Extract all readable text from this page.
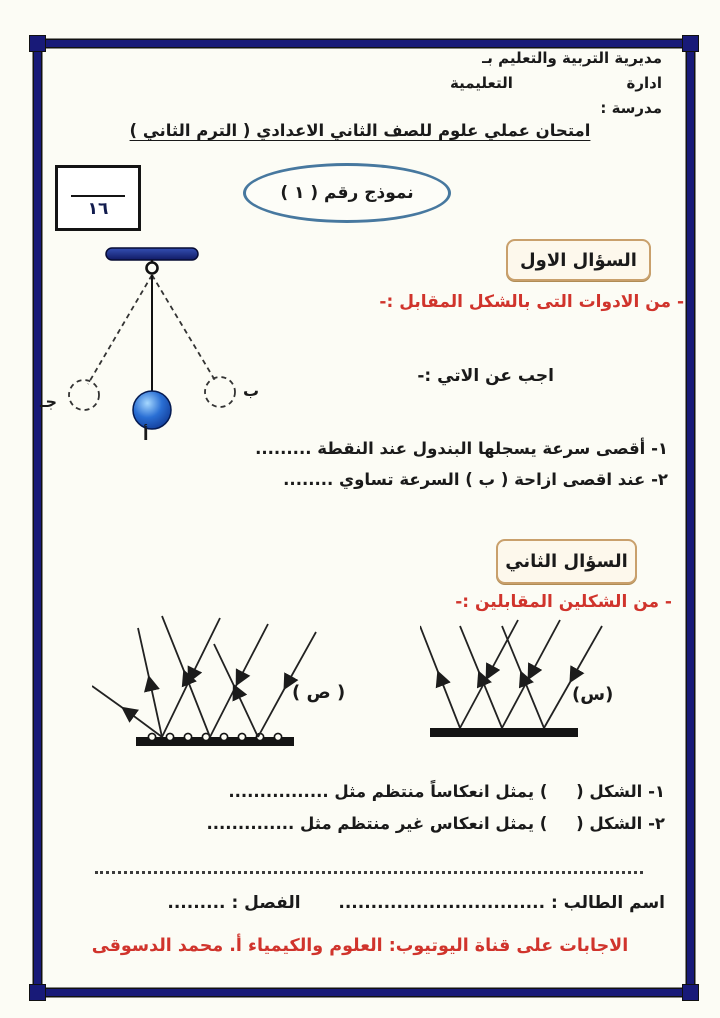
مديرية التربية والتعليم بـ
ادارة
التعليمية
مدرسة :
امتحان عملي علوم للصف الثاني الاعدادي ( الترم الثاني )
نموذج رقم ( ١ )
١٦
السؤال الاول
- من الادوات التى بالشكل المقابل :-
اجب عن الاتي :-
جـ
ب
أ
١- أقصى سرعة يسجلها البندول عند النقطة .........
٢- عند اقصى ازاحة ( ب ) السرعة تساوي ........
السؤال الثاني
- من الشكلين المقابلين :-
(س)
( ص )
١- الشكل (     ) يمثل انعكاساً منتظم مثل ................
٢- الشكل (     ) يمثل انعكاس غير منتظم مثل ..............
اسم الطالب : ................................  الفصل : .........
الاجابات على قناة اليوتيوب: العلوم والكيمياء أ. محمد الدسوقى
